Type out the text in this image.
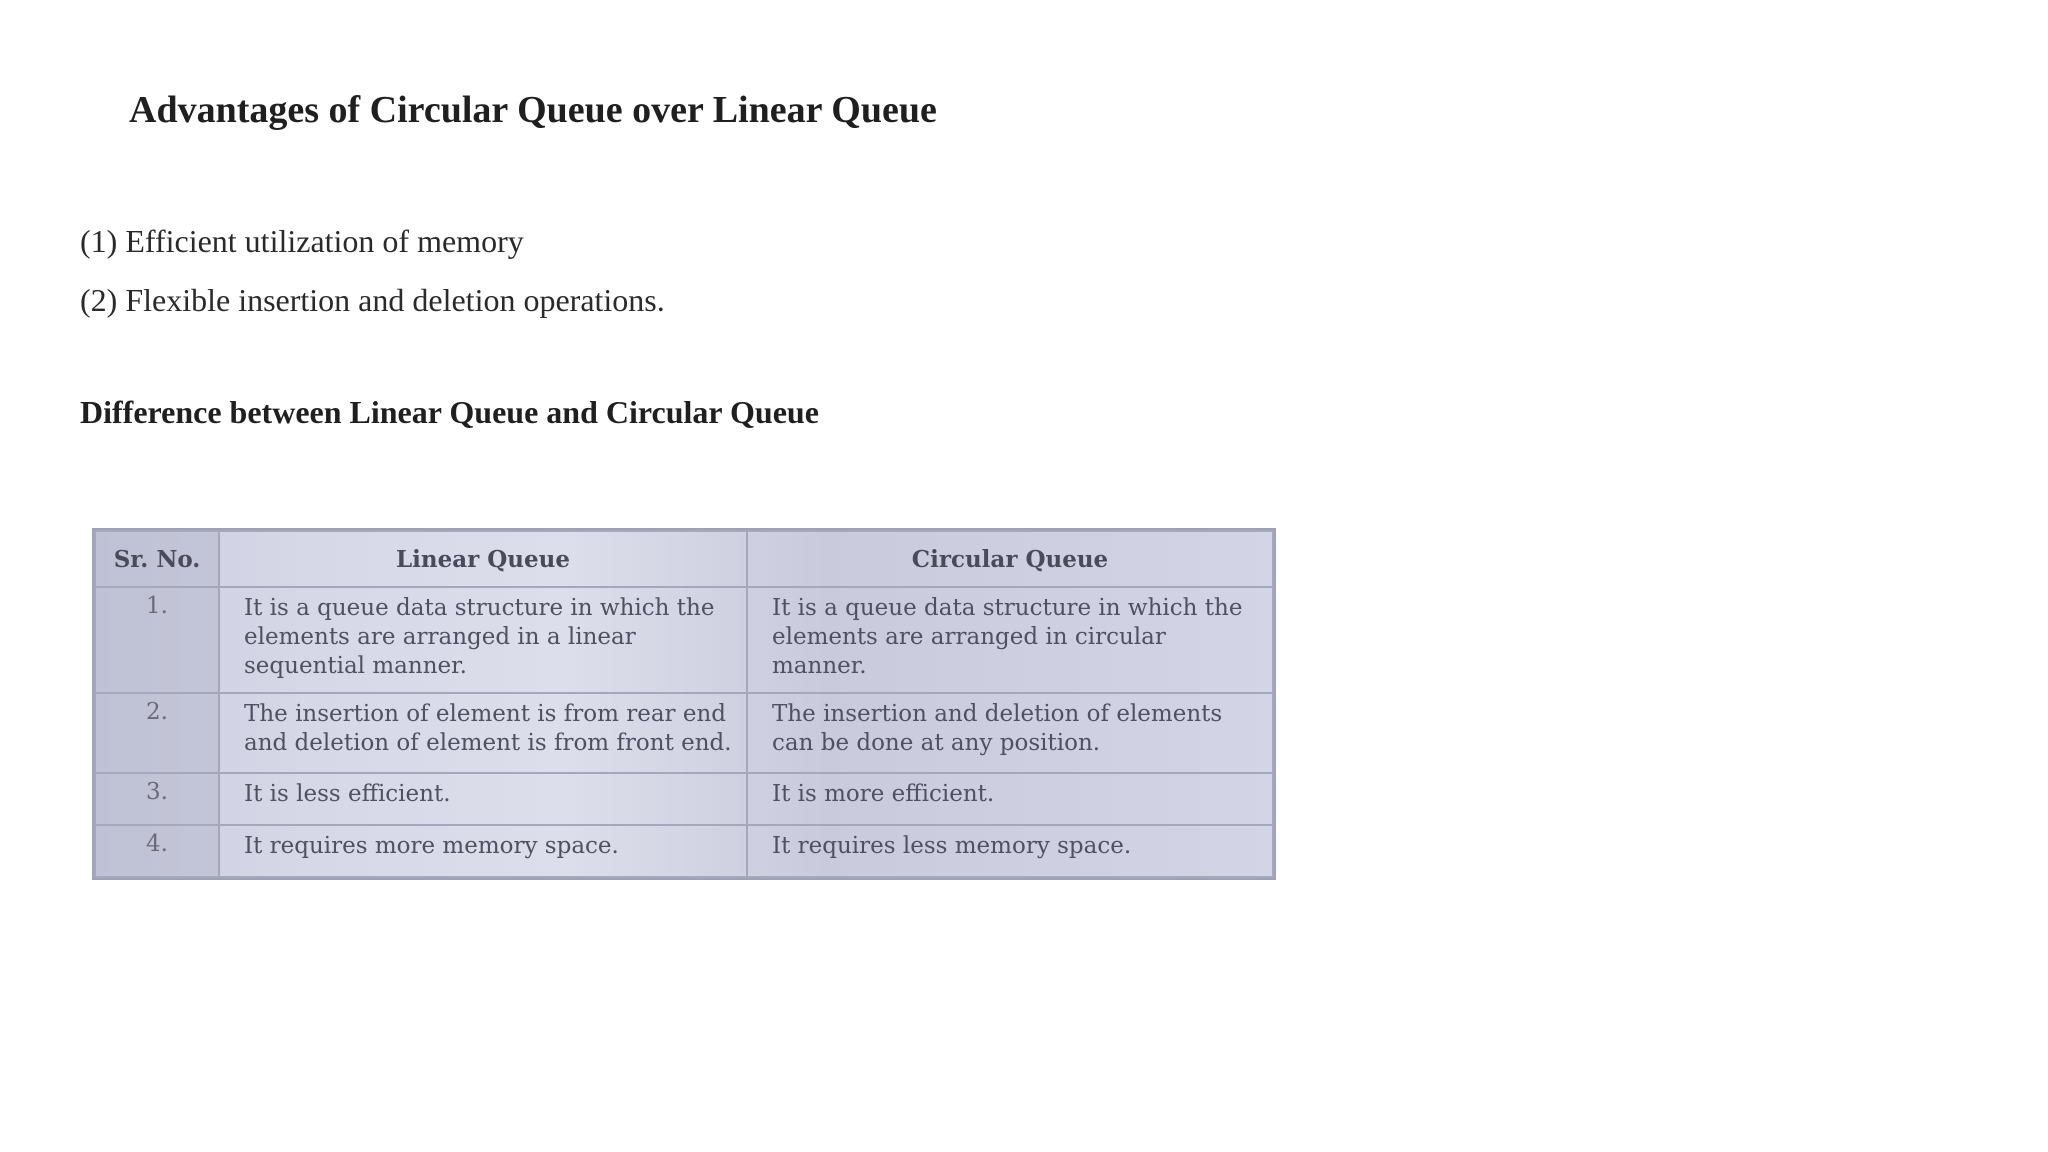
Advantages of Circular Queue over Linear Queue
(1) Efficient utilization of memory
(2) Flexible insertion and deletion operations.
Difference between Linear Queue and Circular Queue
Sr. No.	Linear Queue	Circular Queue
1.	It is a queue data structure in which the elements are arranged in a linear sequential manner.	It is a queue data structure in which the elements are arranged in circular manner.
2.	The insertion of element is from rear end and deletion of element is from front end.	The insertion and deletion of elements can be done at any position.
3.	It is less efficient.	It is more efficient.
4.	It requires more memory space.	It requires less memory space.
